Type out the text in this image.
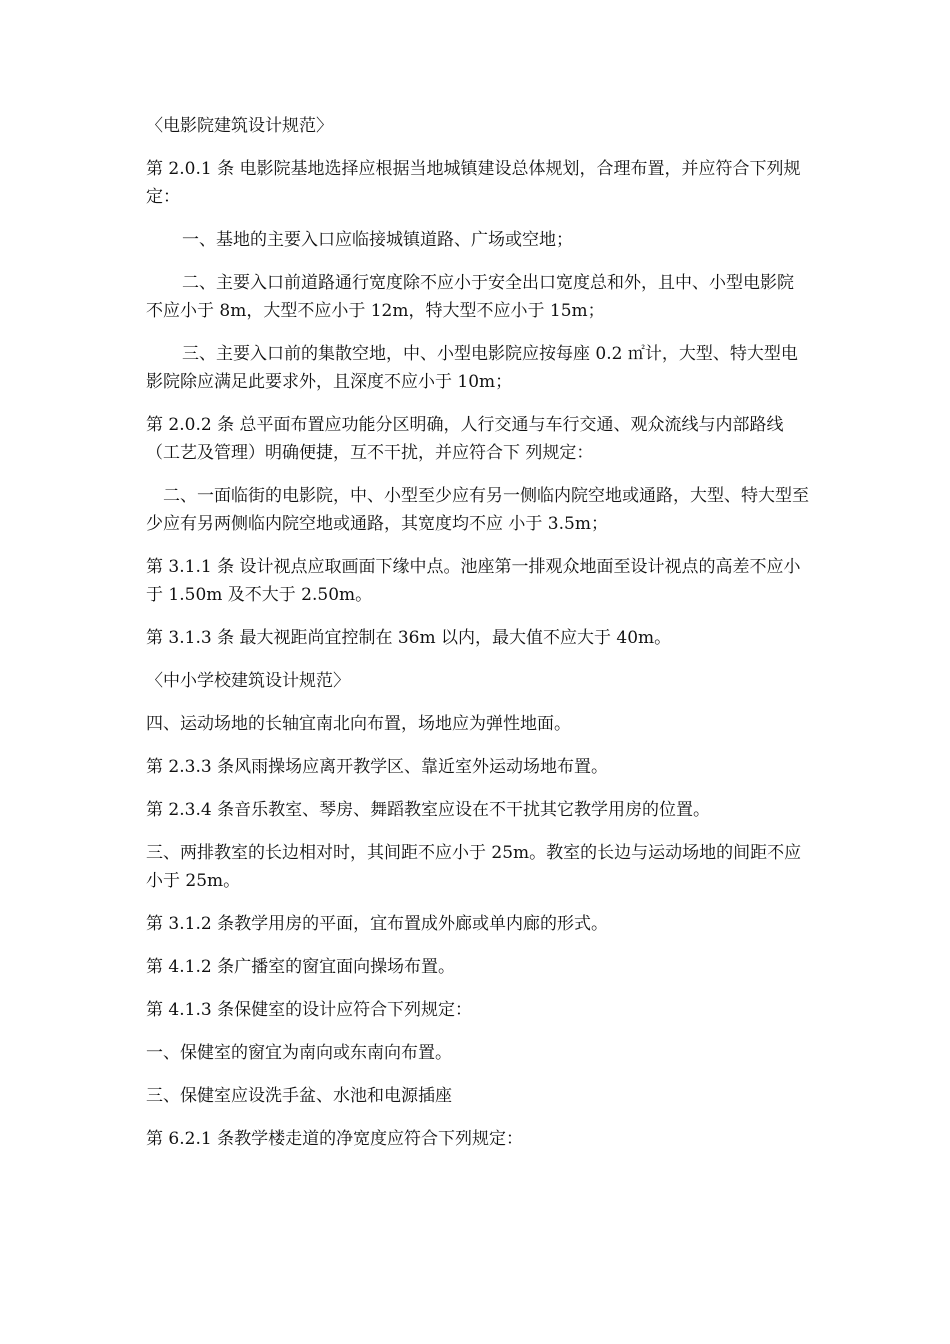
〈电影院建筑设计规范〉

第 2.0.1 条 电影院基地选择应根据当地城镇建设总体规划，合理布置，并应符合下列规定：

一、基地的主要入口应临接城镇道路、广场或空地；

二、主要入口前道路通行宽度除不应小于安全出口宽度总和外，且中、小型电影院不应小于 8m，大型不应小于 12m，特大型不应小于 15m；

三、主要入口前的集散空地，中、小型电影院应按每座 0.2 ㎡计，大型、特大型电影院除应满足此要求外，且深度不应小于 10m；

第 2.0.2 条 总平面布置应功能分区明确，人行交通与车行交通、观众流线与内部路线（工艺及管理）明确便捷，互不干扰，并应符合下 列规定：

二、一面临街的电影院，中、小型至少应有另一侧临内院空地或通路，大型、特大型至少应有另两侧临内院空地或通路，其宽度均不应 小于 3.5m；

第 3.1.1 条 设计视点应取画面下缘中点。池座第一排观众地面至设计视点的高差不应小于 1.50m 及不大于 2.50m。

第 3.1.3 条 最大视距尚宜控制在 36m 以内，最大值不应大于 40m。

〈中小学校建筑设计规范〉

四、运动场地的长轴宜南北向布置，场地应为弹性地面。

第 2.3.3 条风雨操场应离开教学区、靠近室外运动场地布置。

第 2.3.4 条音乐教室、琴房、舞蹈教室应设在不干扰其它教学用房的位置。

三、两排教室的长边相对时，其间距不应小于 25m。教室的长边与运动场地的间距不应小于 25m。

第 3.1.2 条教学用房的平面，宜布置成外廊或单内廊的形式。

第 4.1.2 条广播室的窗宜面向操场布置。

第 4.1.3 条保健室的设计应符合下列规定：

一、保健室的窗宜为南向或东南向布置。

三、保健室应设洗手盆、水池和电源插座

第 6.2.1 条教学楼走道的净宽度应符合下列规定：
